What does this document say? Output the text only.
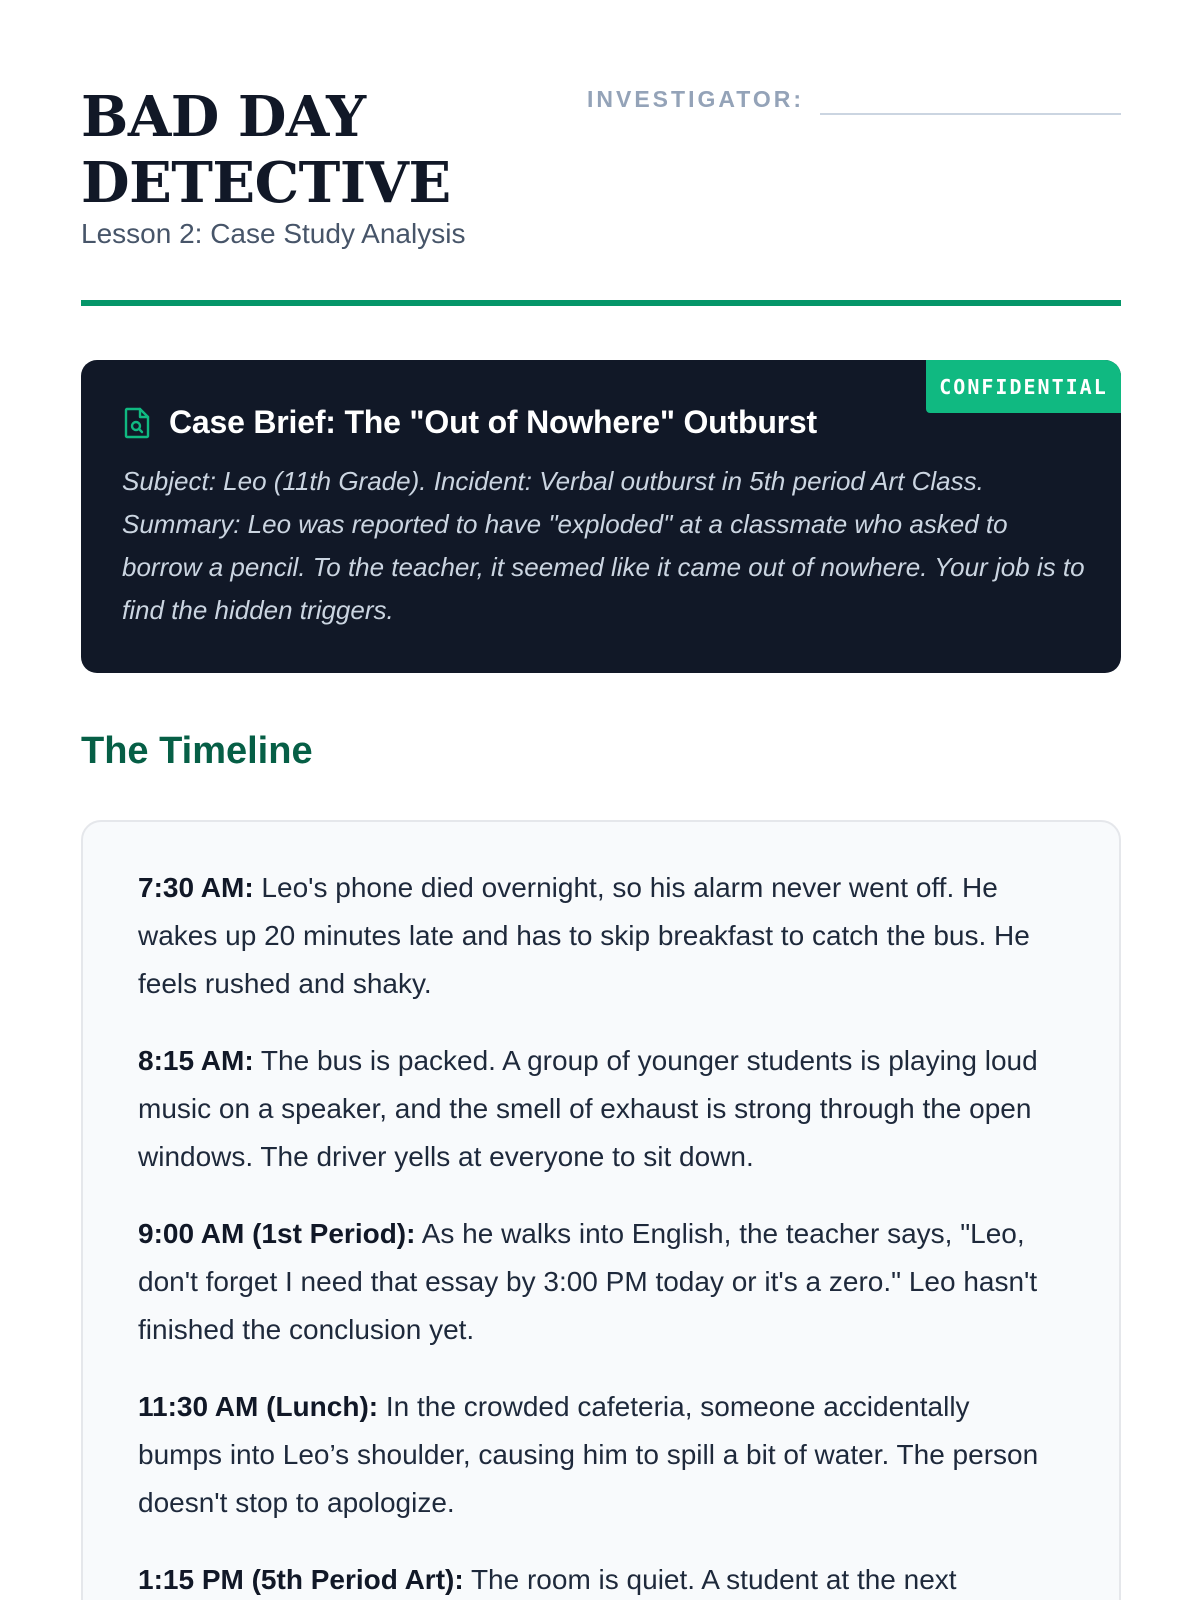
BAD DAY
DETECTIVE
Lesson 2: Case Study Analysis
INVESTIGATOR:
CONFIDENTIAL
Case Brief: The "Out of Nowhere" Outburst

Subject: Leo (11th Grade). Incident: Verbal outburst in 5th period Art Class. Summary: Leo was reported to have "exploded" at a classmate who asked to borrow a pencil. To the teacher, it seemed like it came out of nowhere. Your job is to find the hidden triggers.

The Timeline

7:30 AM: Leo's phone died overnight, so his alarm never went off. He wakes up 20 minutes late and has to skip breakfast to catch the bus. He feels rushed and shaky.

8:15 AM: The bus is packed. A group of younger students is playing loud music on a speaker, and the smell of exhaust is strong through the open windows. The driver yells at everyone to sit down.

9:00 AM (1st Period): As he walks into English, the teacher says, "Leo, don't forget I need that essay by 3:00 PM today or it's a zero." Leo hasn't finished the conclusion yet.

11:30 AM (Lunch): In the crowded cafeteria, someone accidentally bumps into Leo’s shoulder, causing him to spill a bit of water. The person doesn't stop to apologize.

1:15 PM (5th Period Art): The room is quiet. A student at the next
